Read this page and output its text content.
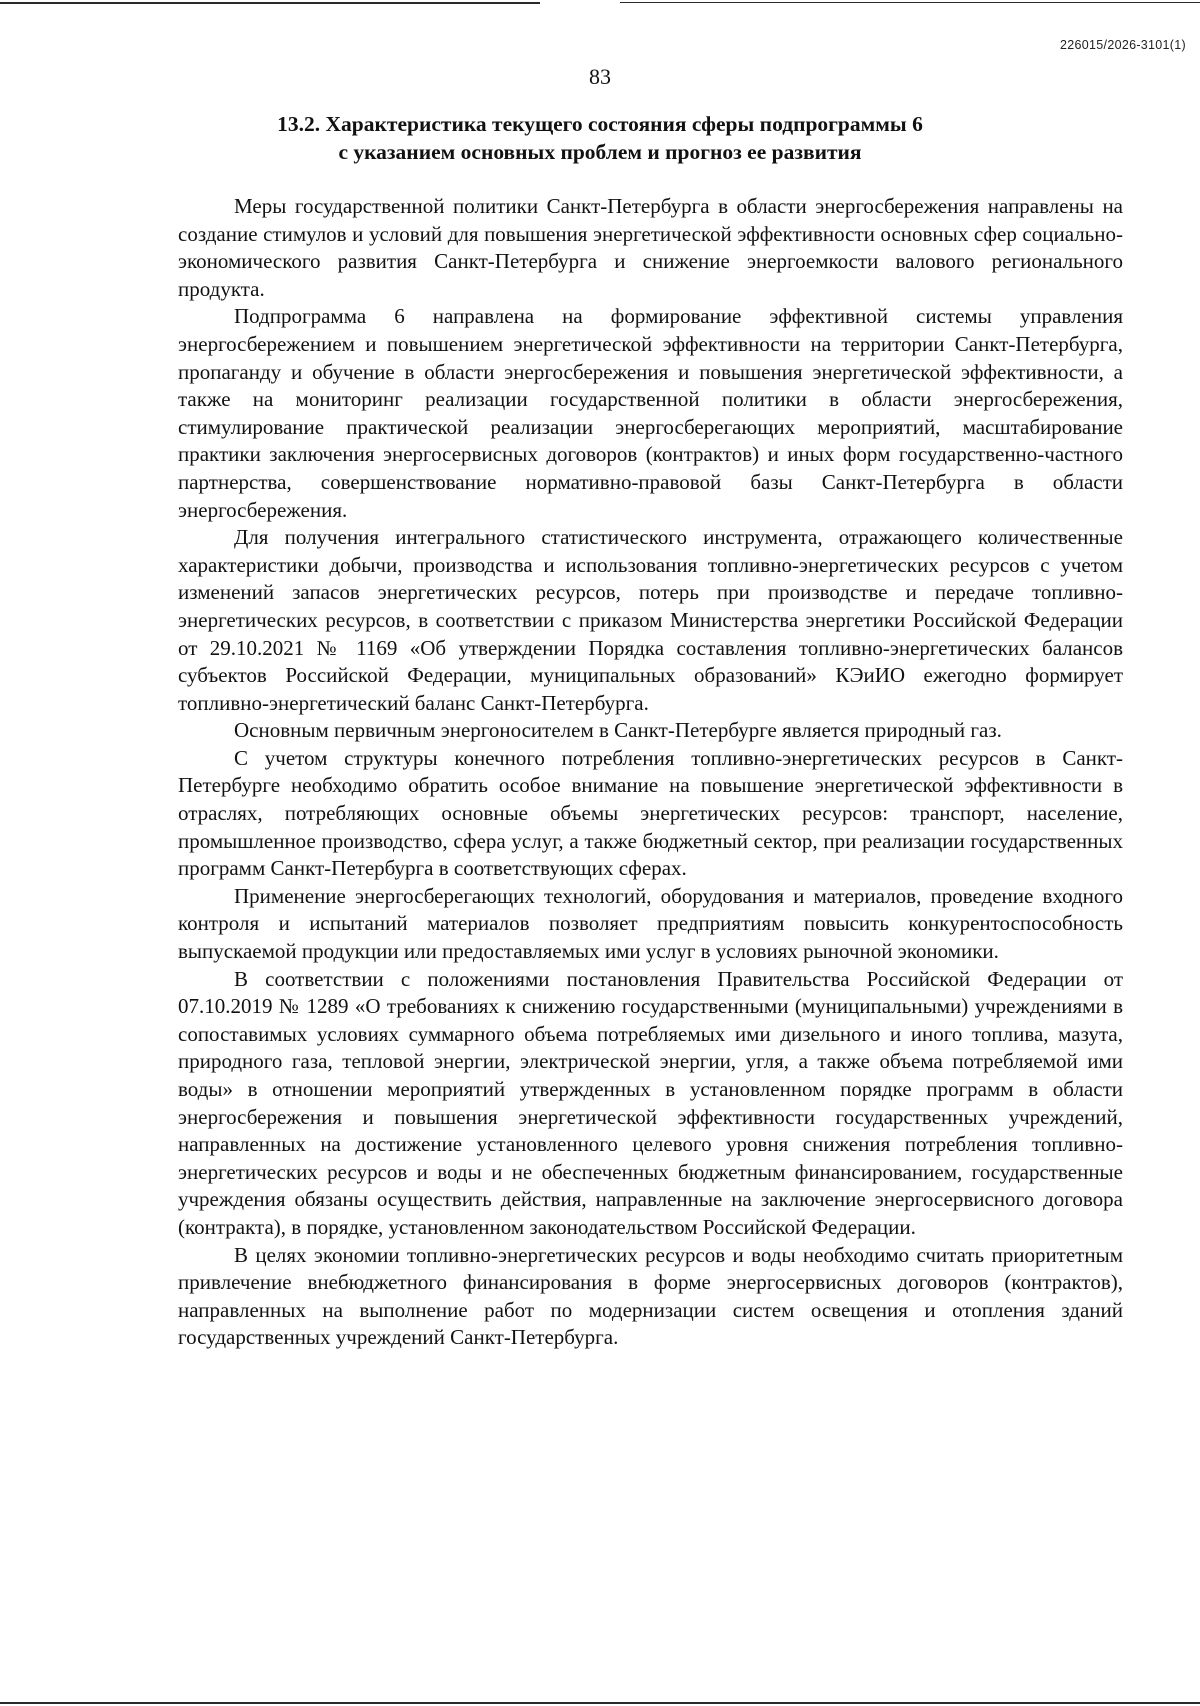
226015/2026-3101(1)
83
13.2. Характеристика текущего состояния сферы подпрограммы 6
с указанием основных проблем и прогноз ее развития

Меры государственной политики Санкт-Петербурга в области энергосбережения направлены на создание стимулов и условий для повышения энергетической эффективности основных сфер социально-экономического развития Санкт-Петербурга и снижение энергоемкости валового регионального продукта.

Подпрограмма 6 направлена на формирование эффективной системы управления энергосбережением и повышением энергетической эффективности на территории Санкт-Петербурга, пропаганду и обучение в области энергосбережения и повышения энергетической эффективности, а также на мониторинг реализации государственной политики в области энергосбережения, стимулирование практической реализации энергосберегающих мероприятий, масштабирование практики заключения энергосервисных договоров (контрактов) и иных форм государственно-частного партнерства, совершенствование нормативно-правовой базы Санкт-Петербурга в области энергосбережения.

Для получения интегрального статистического инструмента, отражающего количественные характеристики добычи, производства и использования топливно-энергетических ресурсов с учетом изменений запасов энергетических ресурсов, потерь при производстве и передаче топливно-энергетических ресурсов, в соответствии с приказом Министерства энергетики Российской Федерации от 29.10.2021 № 1169 «Об утверждении Порядка составления топливно-энергетических балансов субъектов Российской Федерации, муниципальных образований» КЭиИО ежегодно формирует топливно-энергетический баланс Санкт-Петербурга.

Основным первичным энергоносителем в Санкт-Петербурге является природный газ.

С учетом структуры конечного потребления топливно-энергетических ресурсов в Санкт-Петербурге необходимо обратить особое внимание на повышение энергетической эффективности в отраслях, потребляющих основные объемы энергетических ресурсов: транспорт, население, промышленное производство, сфера услуг, а также бюджетный сектор, при реализации государственных программ Санкт-Петербурга в соответствующих сферах.

Применение энергосберегающих технологий, оборудования и материалов, проведение входного контроля и испытаний материалов позволяет предприятиям повысить конкурентоспособность выпускаемой продукции или предоставляемых ими услуг в условиях рыночной экономики.

В соответствии с положениями постановления Правительства Российской Федерации от 07.10.2019 № 1289 «О требованиях к снижению государственными (муниципальными) учреждениями в сопоставимых условиях суммарного объема потребляемых ими дизельного и иного топлива, мазута, природного газа, тепловой энергии, электрической энергии, угля, а также объема потребляемой ими воды» в отношении мероприятий утвержденных в установленном порядке программ в области энергосбережения и повышения энергетической эффективности государственных учреждений, направленных на достижение установленного целевого уровня снижения потребления топливно-энергетических ресурсов и воды и не обеспеченных бюджетным финансированием, государственные учреждения обязаны осуществить действия, направленные на заключение энергосервисного договора (контракта), в порядке, установленном законодательством Российской Федерации.

В целях экономии топливно-энергетических ресурсов и воды необходимо считать приоритетным привлечение внебюджетного финансирования в форме энергосервисных договоров (контрактов), направленных на выполнение работ по модернизации систем освещения и отопления зданий государственных учреждений Санкт-Петербурга.
